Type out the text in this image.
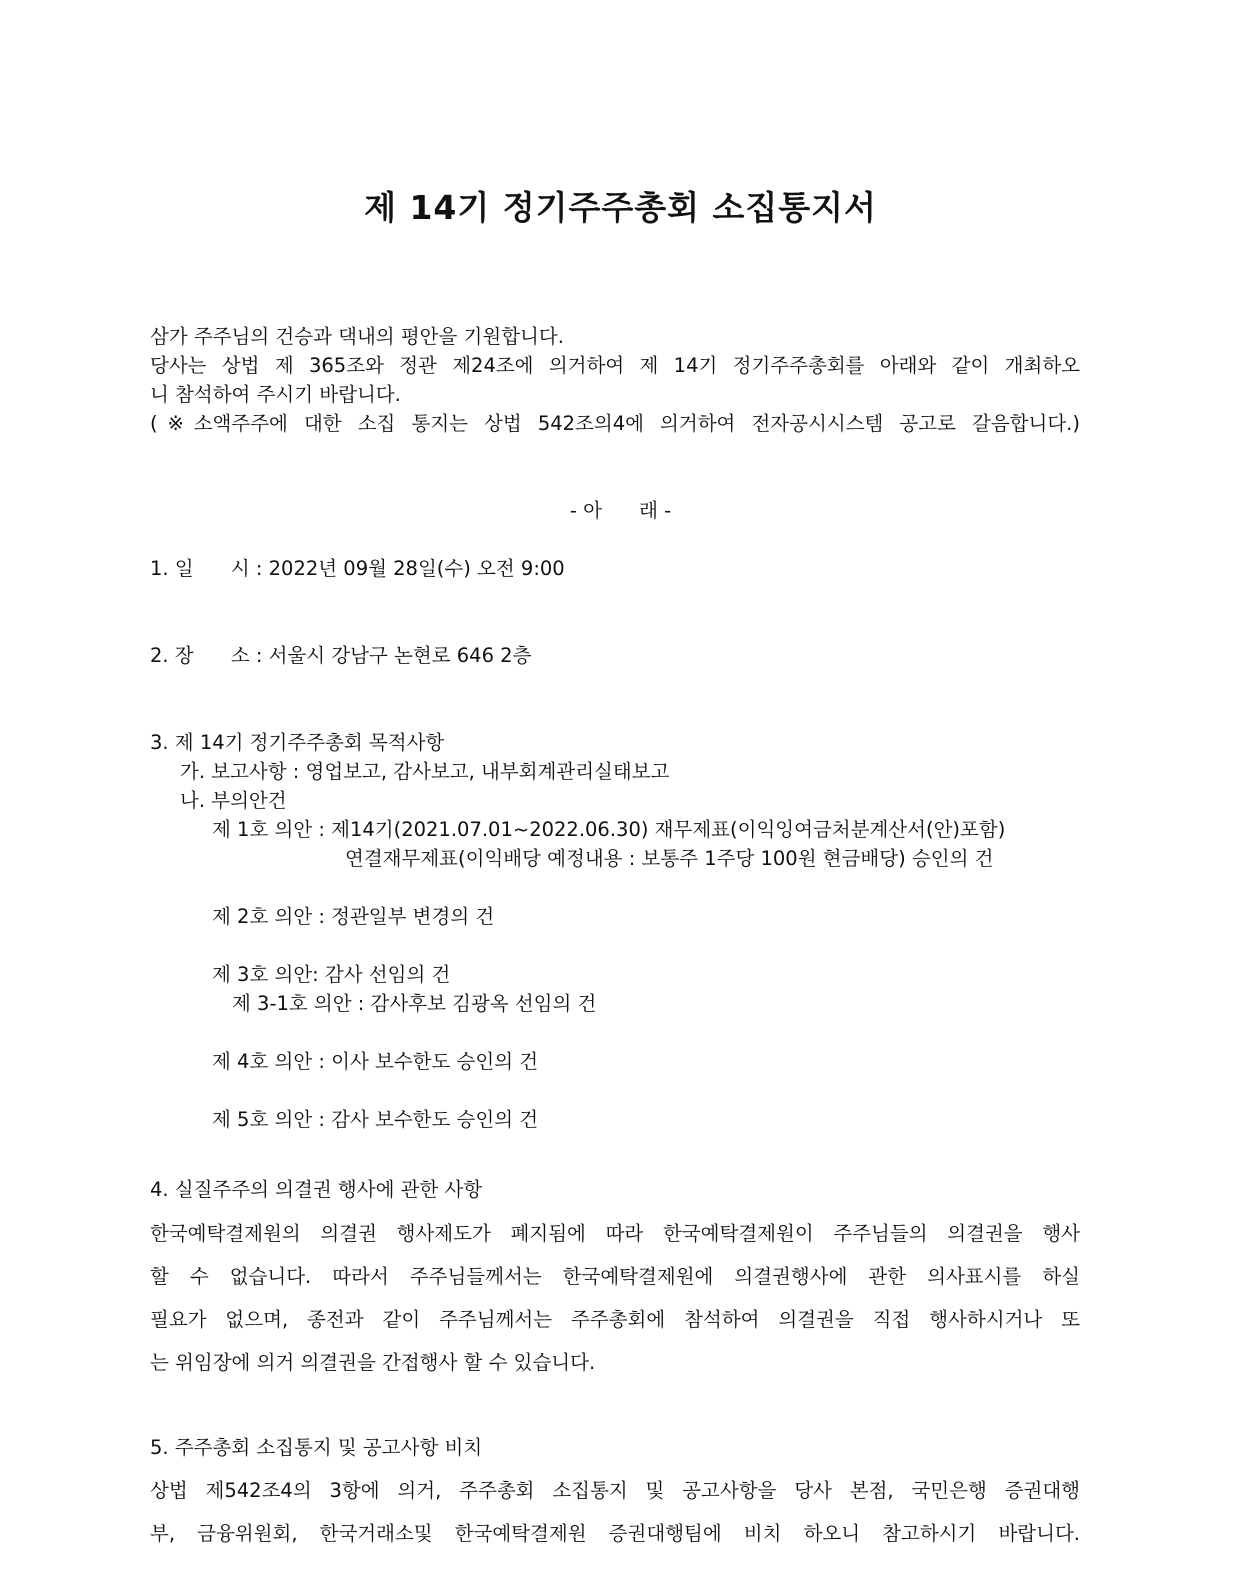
제 14기 정기주주총회 소집통지서
삼가 주주님의 건승과 댁내의 평안을 기원합니다.
당사는 상법 제 365조와 정관 제24조에 의거하여 제 14기 정기주주총회를 아래와 같이 개최하오
니 참석하여 주시기 바랍니다.
(※소액주주에 대한 소집 통지는 상법 542조의4에 의거하여 전자공시시스템 공고로 갈음합니다.)
- 아      래 -
1. 일      시 : 2022년 09월 28일(수) 오전 9:00
2. 장      소 : 서울시 강남구 논현로 646 2층
3. 제 14기 정기주주총회 목적사항
가. 보고사항 : 영업보고, 감사보고, 내부회계관리실태보고
나. 부의안건
제 1호 의안 : 제14기(2021.07.01~2022.06.30) 재무제표(이익잉여금처분계산서(안)포함)
연결재무제표(이익배당 예정내용 : 보통주 1주당 100원 현금배당) 승인의 건
제 2호 의안 : 정관일부 변경의 건
제 3호 의안: 감사 선임의 건
제 3-1호 의안 : 감사후보 김광옥 선임의 건
제 4호 의안 : 이사 보수한도 승인의 건
제 5호 의안 : 감사 보수한도 승인의 건
4. 실질주주의 의결권 행사에 관한 사항
한국예탁결제원의 의결권 행사제도가 폐지됨에 따라 한국예탁결제원이 주주님들의 의결권을 행사
할 수 없습니다. 따라서 주주님들께서는 한국예탁결제원에 의결권행사에 관한 의사표시를 하실
필요가 없으며, 종전과 같이 주주님께서는 주주총회에 참석하여 의결권을 직접 행사하시거나 또
는 위임장에 의거 의결권을 간접행사 할 수 있습니다.
5. 주주총회 소집통지 및 공고사항 비치
상법 제542조4의 3항에 의거, 주주총회 소집통지 및 공고사항을 당사 본점, 국민은행 증권대행
부, 금융위원회, 한국거래소및 한국예탁결제원 증권대행팀에 비치 하오니 참고하시기 바랍니다.
